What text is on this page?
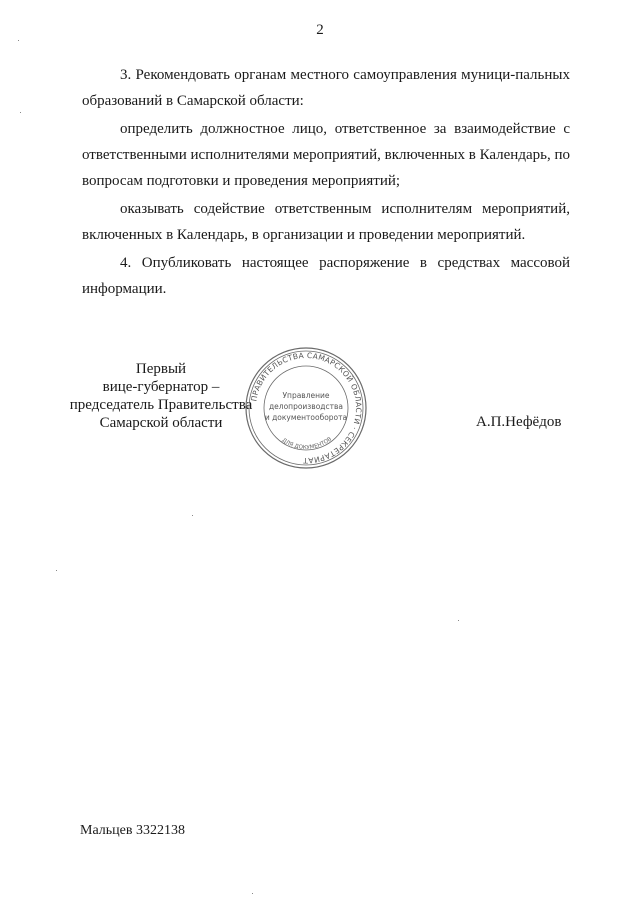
2

3. Рекомендовать органам местного самоуправления муници-пальных образований в Самарской области:

определить должностное лицо, ответственное за взаимодействие с ответственными исполнителями мероприятий, включенных в Календарь, по вопросам подготовки и проведения мероприятий;

оказывать содействие ответственным исполнителям мероприятий, включенных в Календарь, в организации и проведении мероприятий.

4. Опубликовать настоящее распоряжение в средствах массовой информации.

Первый
вице-губернатор –
председатель Правительства
Самарской области
ПРАВИТЕЛЬСТВА САМАРСКОЙ ОБЛАСТИ · СЕКРЕТАРИАТ
Управление
делопроизводства
и документооборота
ДЛЯ ДОКУМЕНТОВ
А.П.Нефёдов
Мальцев 3322138
